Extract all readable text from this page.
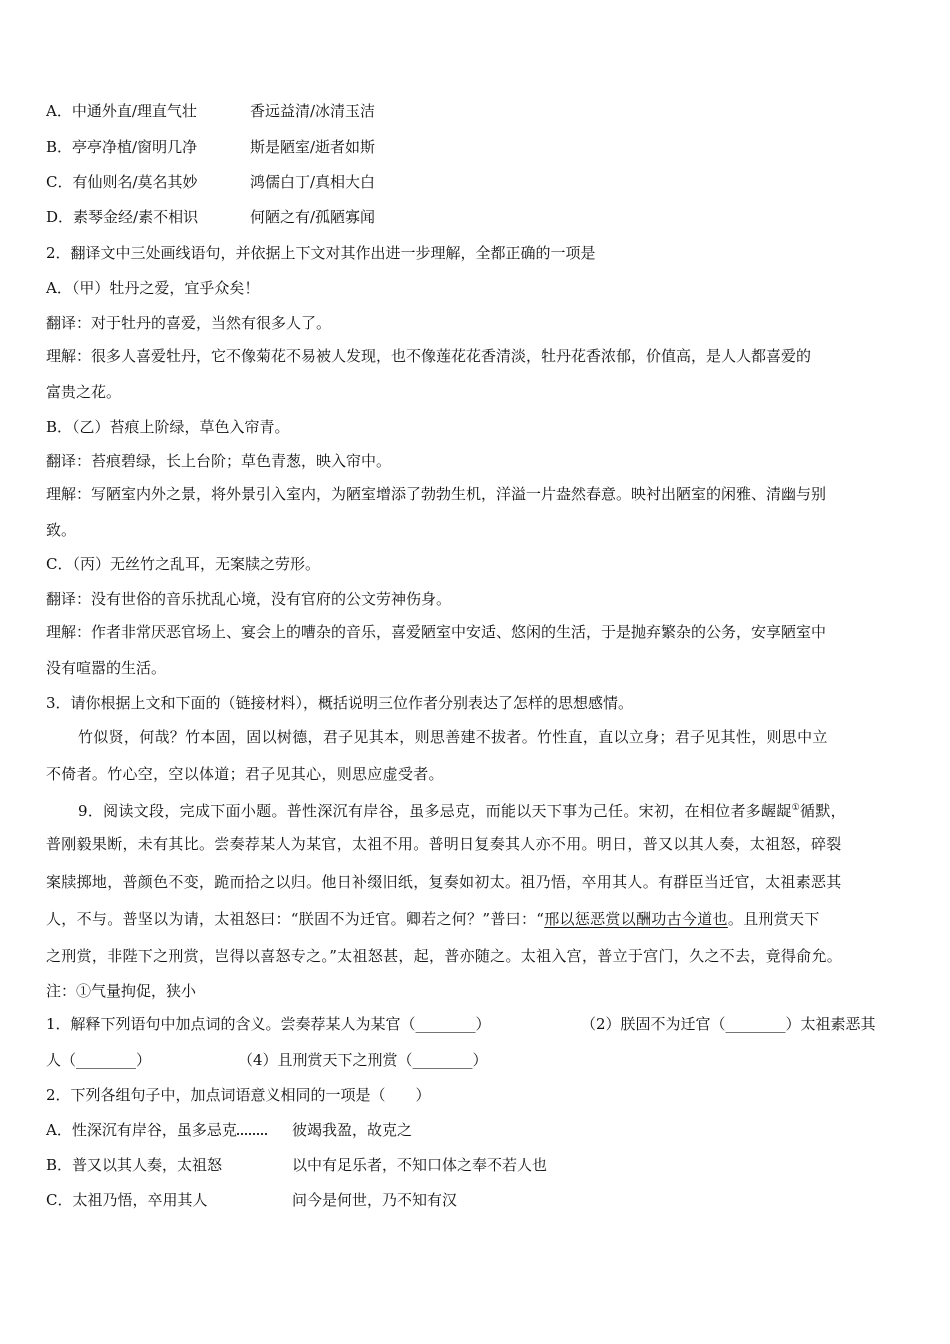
A．中通外直/理直气壮	香远益清/冰清玉洁
B．亭亭净植/窗明几净	斯是陋室/逝者如斯
C．有仙则名/莫名其妙	鸿儒白丁/真相大白
D．素琴金经/素不相识	何陋之有/孤陋寡闻
2．翻译文中三处画线语句，并依据上下文对其作出进一步理解，全都正确的一项是
A．（甲）牡丹之爱，宜乎众矣！
翻译：对于牡丹的喜爱，当然有很多人了。
理解：很多人喜爱牡丹，它不像菊花不易被人发现，也不像莲花花香清淡，牡丹花香浓郁，价值高，是人人都喜爱的
富贵之花。
B．（乙）苔痕上阶绿，草色入帘青。
翻译：苔痕碧绿，长上台阶；草色青葱，映入帘中。
理解：写陋室内外之景，将外景引入室内，为陋室增添了勃勃生机，洋溢一片盎然春意。映衬出陋室的闲雅、清幽与别
致。
C．（丙）无丝竹之乱耳，无案牍之劳形。
翻译：没有世俗的音乐扰乱心境，没有官府的公文劳神伤身。
理解：作者非常厌恶官场上、宴会上的嘈杂的音乐，喜爱陋室中安适、悠闲的生活，于是抛弃繁杂的公务，安享陋室中
没有喧嚣的生活。
3．请你根据上文和下面的（链接材料），概括说明三位作者分别表达了怎样的思想感情。
竹似贤，何哉？竹本固，固以树德，君子见其本，则思善建不拔者。竹性直，直以立身；君子见其性，则思中立
不倚者。竹心空，空以体道；君子见其心，则思应虚受者。
9．阅读文段，完成下面小题。普性深沉有岸谷，虽多忌克，而能以天下事为己任。宋初，在相位者多龌龊①循默，
普刚毅果断，未有其比。尝奏荐某人为某官，太祖不用。普明日复奏其人亦不用。明日，普又以其人奏，太祖怒，碎裂
案牍掷地，普颜色不变，跪而拾之以归。他日补缀旧纸，复奏如初太。祖乃悟，卒用其人。有群臣当迁官，太祖素恶其
人，不与。普坚以为请，太祖怒曰：“朕固不为迁官。卿若之何？”普曰：“邢以惩恶赏以酬功古今道也。且刑赏天下
之刑赏，非陛下之刑赏，岂得以喜怒专之。”太祖怒甚，起，普亦随之。太祖入宫，普立于宫门，久之不去，竟得俞允。
注：①气量拘促，狭小
1．解释下列语句中加点词的含义。尝奏荐某人为某官（________）	（2）朕固不为迁官（________）太祖素恶其
人（________）	（4）且刑赏天下之刑赏（________）
2．下列各组句子中，加点词语意义相同的一项是（　　）
A．性深沉有岸谷，虽多忌克	彼竭我盈，故克之
B．普又以其人奏，太祖怒	以中有足乐者，不知口体之奉不若人也
C．太祖乃悟，卒用其人	问今是何世，乃不知有汉
